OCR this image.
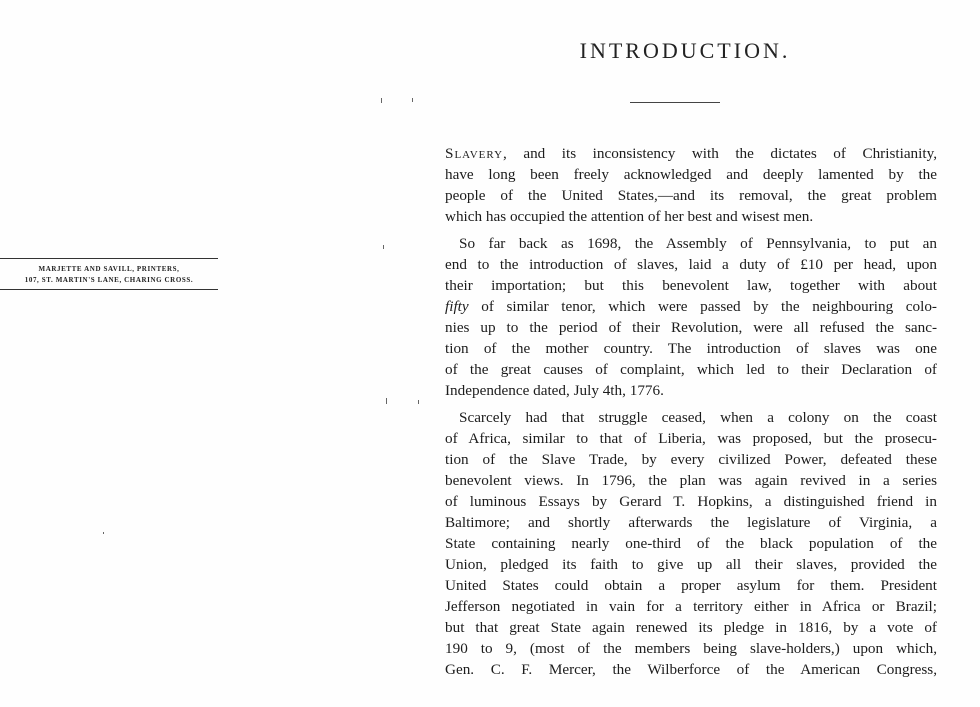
MARJETTE AND SAVILL, PRINTERS,
107, ST. MARTIN'S LANE, CHARING CROSS.
INTRODUCTION.
Slavery, and its inconsistency with the dictates of Christianity,
have long been freely acknowledged and deeply lamented by the
people of the United States,—and its removal, the great problem
which has occupied the attention of her best and wisest men.
So far back as 1698, the Assembly of Pennsylvania, to put an
end to the introduction of slaves, laid a duty of £10 per head, upon
their importation; but this benevolent law, together with about
fifty of similar tenor, which were passed by the neighbouring colo-
nies up to the period of their Revolution, were all refused the sanc-
tion of the mother country. The introduction of slaves was one
of the great causes of complaint, which led to their Declaration of
Independence dated, July 4th, 1776.
Scarcely had that struggle ceased, when a colony on the coast
of Africa, similar to that of Liberia, was proposed, but the prosecu-
tion of the Slave Trade, by every civilized Power, defeated these
benevolent views. In 1796, the plan was again revived in a series
of luminous Essays by Gerard T. Hopkins, a distinguished friend in
Baltimore; and shortly afterwards the legislature of Virginia, a
State containing nearly one-third of the black population of the
Union, pledged its faith to give up all their slaves, provided the
United States could obtain a proper asylum for them. President
Jefferson negotiated in vain for a territory either in Africa or Brazil;
but that great State again renewed its pledge in 1816, by a vote of
190 to 9, (most of the members being slave-holders,) upon which,
Gen. C. F. Mercer, the Wilberforce of the American Congress,
